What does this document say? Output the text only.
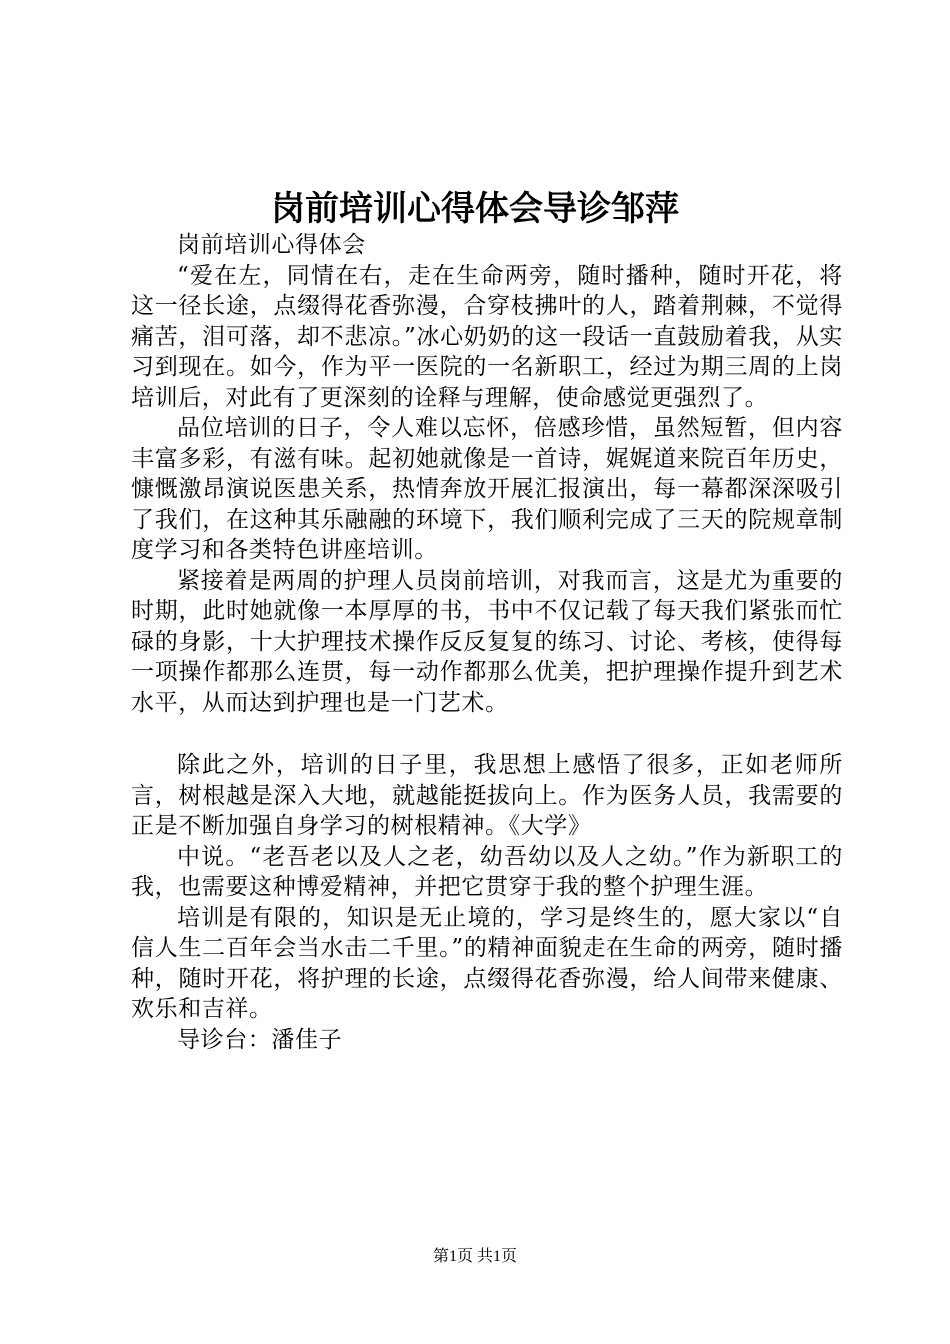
岗前培训心得体会导诊邹萍

岗前培训心得体会

“爱在左，同情在右，走在生命两旁，随时播种，随时开花，将这一径长途，点缀得花香弥漫，合穿枝拂叶的人，踏着荆棘，不觉得痛苦，泪可落，却不悲凉。”冰心奶奶的这一段话一直鼓励着我，从实习到现在。如今，作为平一医院的一名新职工，经过为期三周的上岗培训后，对此有了更深刻的诠释与理解，使命感觉更强烈了。

品位培训的日子，令人难以忘怀，倍感珍惜，虽然短暂，但内容丰富多彩，有滋有味。起初她就像是一首诗，娓娓道来院百年历史，慷慨激昂演说医患关系，热情奔放开展汇报演出，每一幕都深深吸引了我们，在这种其乐融融的环境下，我们顺利完成了三天的院规章制度学习和各类特色讲座培训。

紧接着是两周的护理人员岗前培训，对我而言，这是尤为重要的时期，此时她就像一本厚厚的书，书中不仅记载了每天我们紧张而忙碌的身影，十大护理技术操作反反复复的练习、讨论、考核，使得每一项操作都那么连贯，每一动作都那么优美，把护理操作提升到艺术水平，从而达到护理也是一门艺术。

除此之外，培训的日子里，我思想上感悟了很多，正如老师所言，树根越是深入大地，就越能挺拔向上。作为医务人员，我需要的正是不断加强自身学习的树根精神。《大学》

中说。“老吾老以及人之老，幼吾幼以及人之幼。”作为新职工的我，也需要这种博爱精神，并把它贯穿于我的整个护理生涯。

培训是有限的，知识是无止境的，学习是终生的，愿大家以“自信人生二百年会当水击二千里。”的精神面貌走在生命的两旁，随时播种，随时开花，将护理的长途，点缀得花香弥漫，给人间带来健康、欢乐和吉祥。

导诊台：潘佳子

第1页 共1页
